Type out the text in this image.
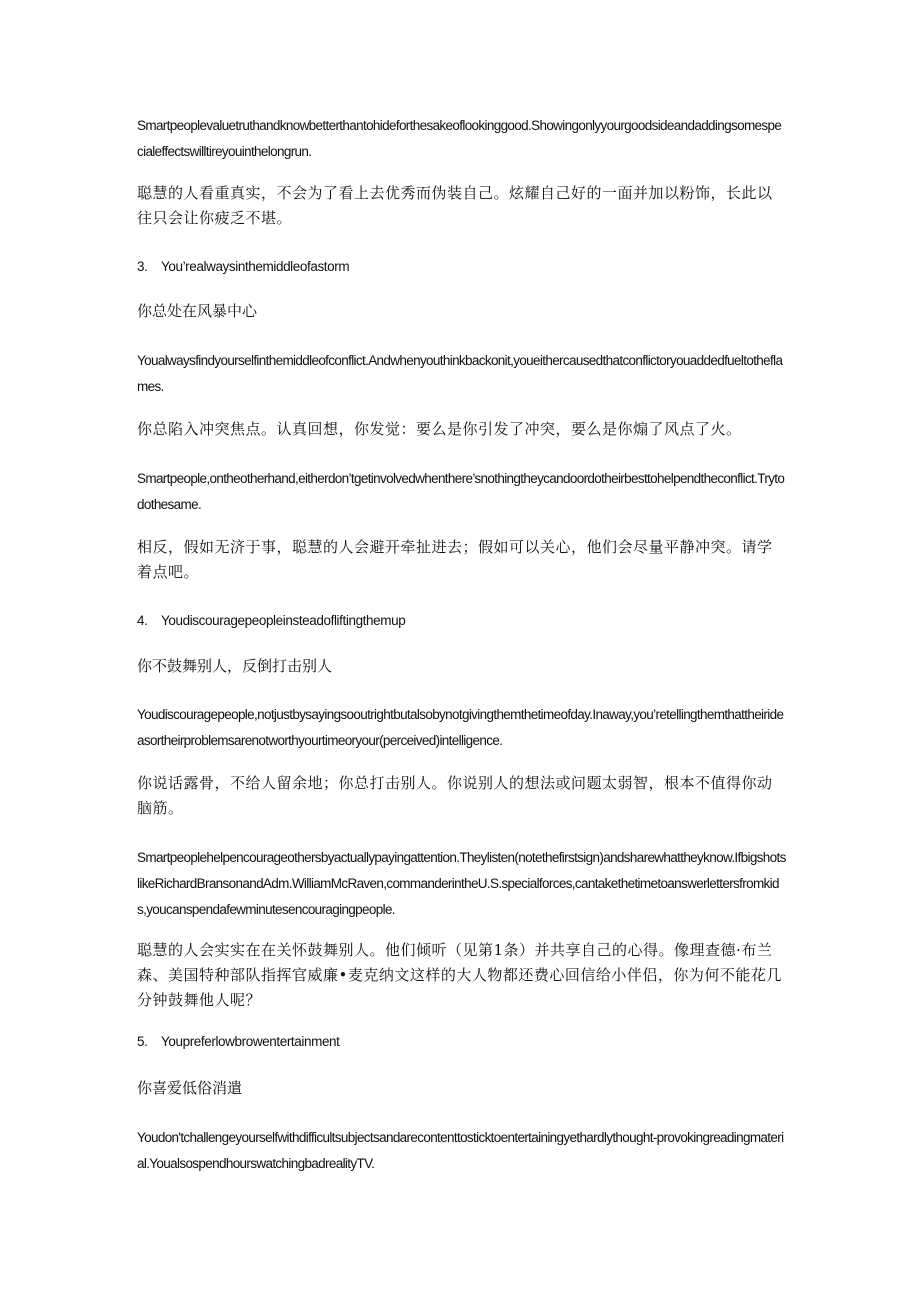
Smartpeoplevaluetruthandknowbetterthantohideforthesakeoflookinggood.Showingonlyyourgoodsideandaddingsomespecialeffectswilltireyouinthelongrun.

聪慧的人看重真实，不会为了看上去优秀而伪装自己。炫耀自己好的一面并加以粉饰，长此以往只会让你疲乏不堪。

3. You’realwaysinthemiddleofastorm
你总处在风暴中心

Youalwaysfindyourselfinthemiddleofconflict.Andwhenyouthinkbackonit,youeithercausedthatconflictoryouaddedfueltotheflames.

你总陷入冲突焦点。认真回想，你发觉：要么是你引发了冲突，要么是你煽了风点了火。

Smartpeople,ontheotherhand,eitherdon’tgetinvolvedwhenthere’snothingtheycandoordotheirbesttohelpendtheconflict.Trytodothesame.

相反，假如无济于事，聪慧的人会避开牵扯进去；假如可以关心，他们会尽量平静冲突。请学着点吧。

4. Youdiscouragepeopleinsteadofliftingthemup
你不鼓舞别人，反倒打击别人

Youdiscouragepeople,notjustbysayingsooutrightbutalsobynotgivingthemthetimeofday.Inaway,you’retellingthemthattheirideasortheirproblemsarenotworthyourtimeoryour(perceived)intelligence.

你说话露骨，不给人留余地；你总打击别人。你说别人的想法或问题太弱智，根本不值得你动脑筋。

Smartpeoplehelpencourageothersbyactuallypayingattention.Theylisten(notethefirstsign)andsharewhattheyknow.IfbigshotslikeRichardBransonandAdm.WilliamMcRaven,commanderintheU.S.specialforces,cantakethetimetoanswerlettersfromkids,youcanspendafewminutesencouragingpeople.

聪慧的人会实实在在关怀鼓舞别人。他们倾听（见第1条）并共享自己的心得。像理查德·布兰森、美国特种部队指挥官威廉•麦克纳文这样的大人物都还费心回信给小伴侣，你为何不能花几分钟鼓舞他人呢？

5. Youpreferlowbrowentertainment
你喜爱低俗消遣

Youdon'tchallengeyourselfwithdifficultsubjectsandarecontenttosticktoentertainingyethardlythought-provokingreadingmaterial.YoualsospendhourswatchingbadrealityTV.
